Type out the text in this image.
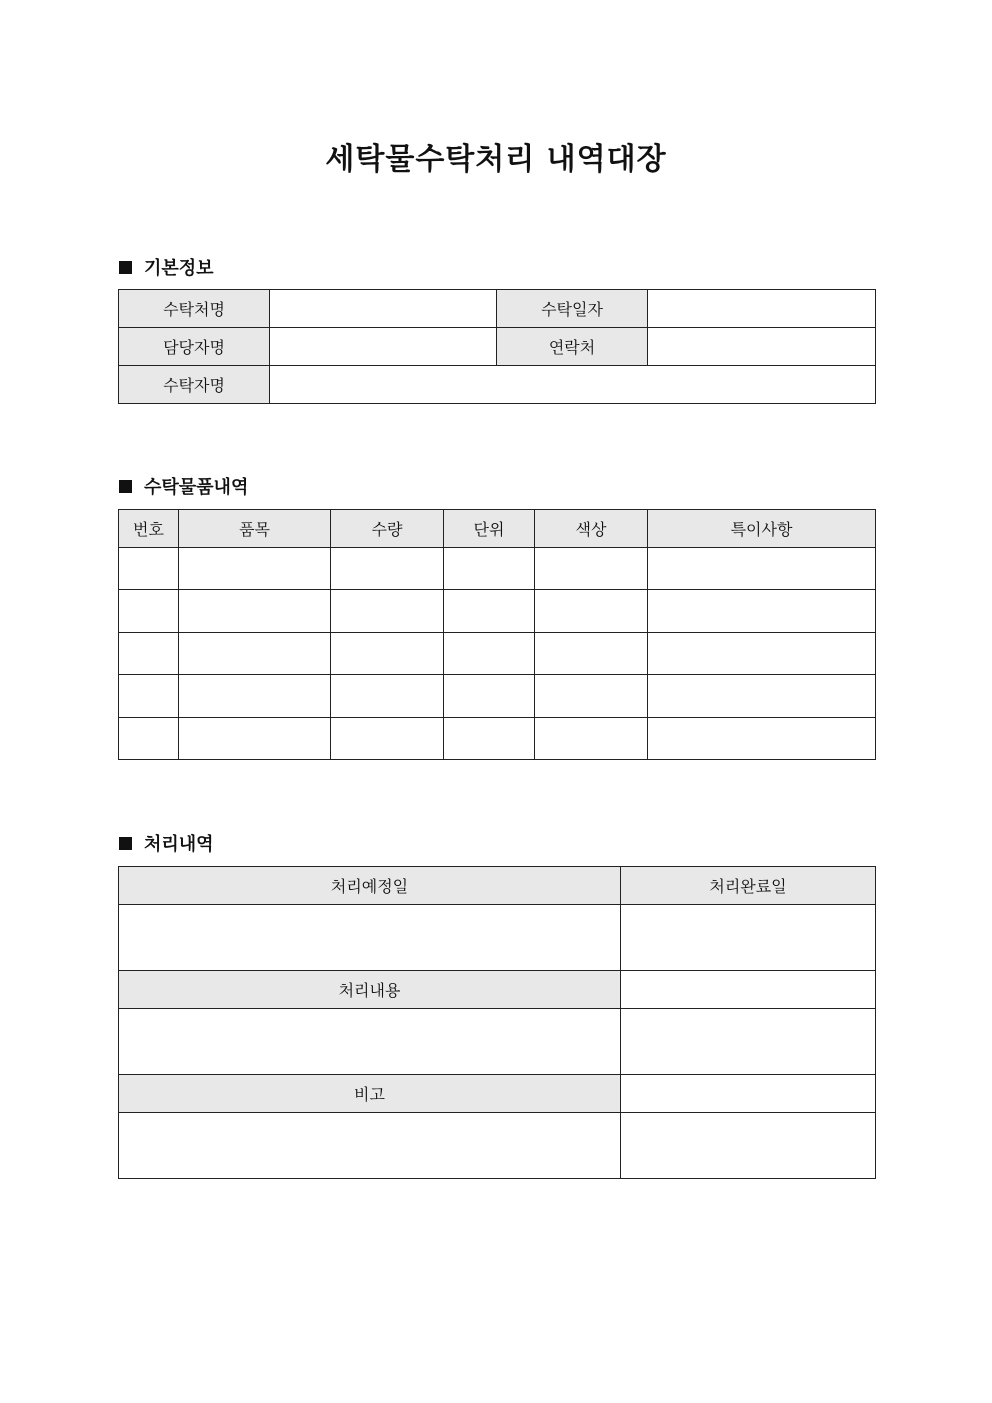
세탁물수탁처리 내역대장
기본정보
수탁처명		수탁일자	
담당자명		연락처	
수탁자명			
수탁물품내역
번호	품목	수량	단위	색상	특이사항

처리내역
처리예정일	처리완료일

처리내용	

비고	
